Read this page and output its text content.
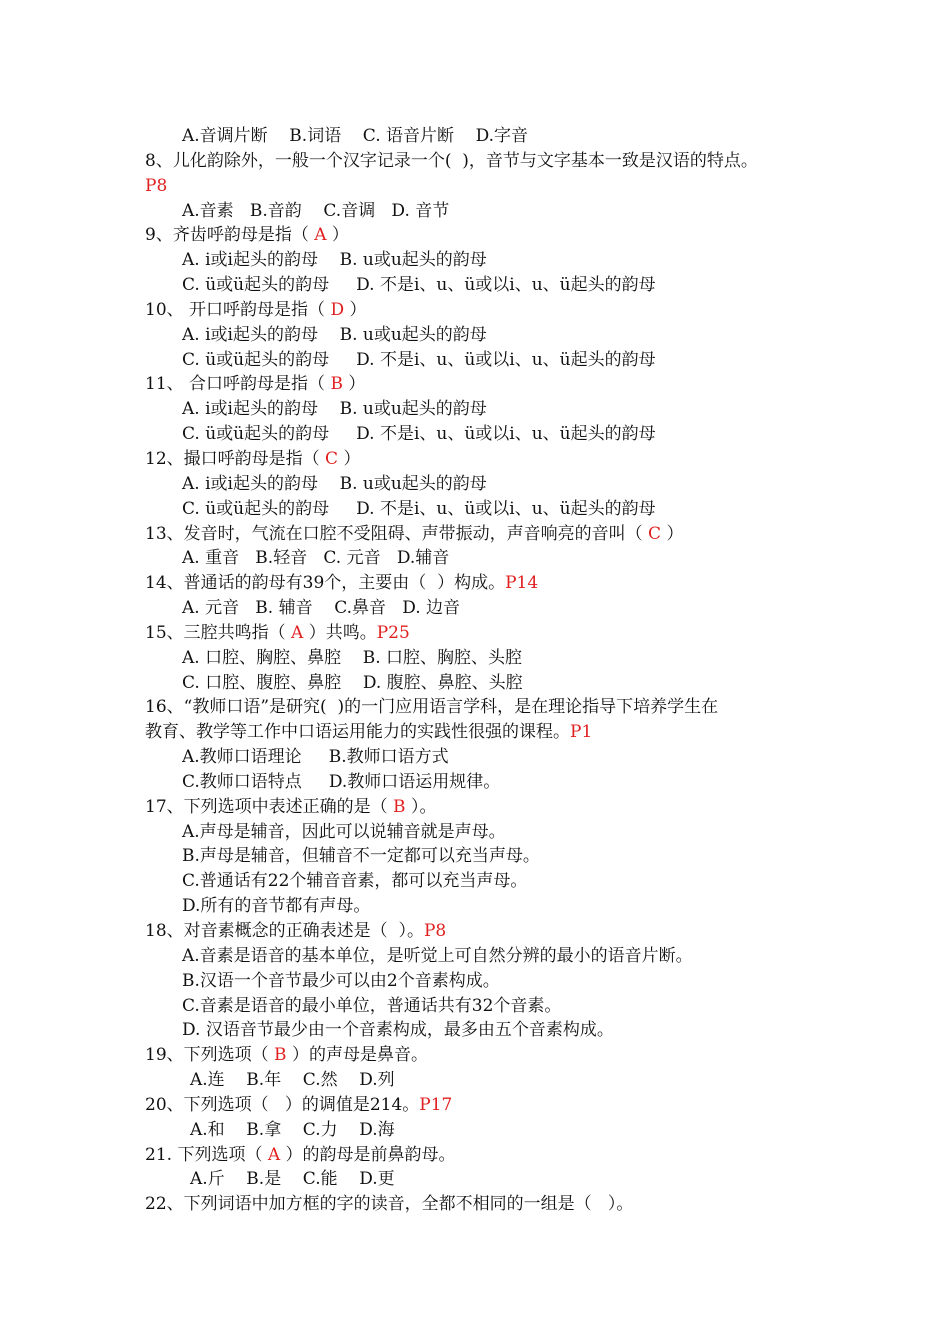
A.音调片断    B.词语    C. 语音片断    D.字音
8、儿化韵除外，一般一个汉字记录一个(  )，音节与文字基本一致是汉语的特点。
P8
A.音素   B.音韵    C.音调   D. 音节
9、齐齿呼韵母是指（ A ）
A. i或i起头的韵母    B. u或u起头的韵母
C. ü或ü起头的韵母     D. 不是i、u、ü或以i、u、ü起头的韵母
10、 开口呼韵母是指（ D ）
A. i或i起头的韵母    B. u或u起头的韵母
C. ü或ü起头的韵母     D. 不是i、u、ü或以i、u、ü起头的韵母
11、 合口呼韵母是指（ B ）
A. i或i起头的韵母    B. u或u起头的韵母
C. ü或ü起头的韵母     D. 不是i、u、ü或以i、u、ü起头的韵母
12、撮口呼韵母是指（ C ）
A. i或i起头的韵母    B. u或u起头的韵母
C. ü或ü起头的韵母     D. 不是i、u、ü或以i、u、ü起头的韵母
13、发音时，气流在口腔不受阻碍、声带振动，声音响亮的音叫（ C ）
A. 重音   B.轻音   C. 元音   D.辅音
14、普通话的韵母有39个，主要由（  ）构成。P14
A. 元音   B. 辅音    C.鼻音   D. 边音
15、三腔共鸣指（ A ）共鸣。P25
A. 口腔、胸腔、鼻腔    B. 口腔、胸腔、头腔
C. 口腔、腹腔、鼻腔    D. 腹腔、鼻腔、头腔
16、“教师口语”是研究(  )的一门应用语言学科，是在理论指导下培养学生在
教育、教学等工作中口语运用能力的实践性很强的课程。P1
A.教师口语理论     B.教师口语方式
C.教师口语特点     D.教师口语运用规律。
17、下列选项中表述正确的是（ B ）。
A.声母是辅音，因此可以说辅音就是声母。
B.声母是辅音，但辅音不一定都可以充当声母。
C.普通话有22个辅音音素，都可以充当声母。
D.所有的音节都有声母。
18、对音素概念的正确表述是（  ）。P8
A.音素是语音的基本单位，是听觉上可自然分辨的最小的语音片断。
B.汉语一个音节最少可以由2个音素构成。
C.音素是语音的最小单位，普通话共有32个音素。
D. 汉语音节最少由一个音素构成，最多由五个音素构成。
19、下列选项（ B ）的声母是鼻音。
A.连    B.年    C.然    D.列
20、下列选项（   ）的调值是214。P17
A.和    B.拿    C.力    D.海
21. 下列选项（ A ）的韵母是前鼻韵母。
A.斤    B.是    C.能    D.更
22、下列词语中加方框的字的读音，全都不相同的一组是（   ）。
